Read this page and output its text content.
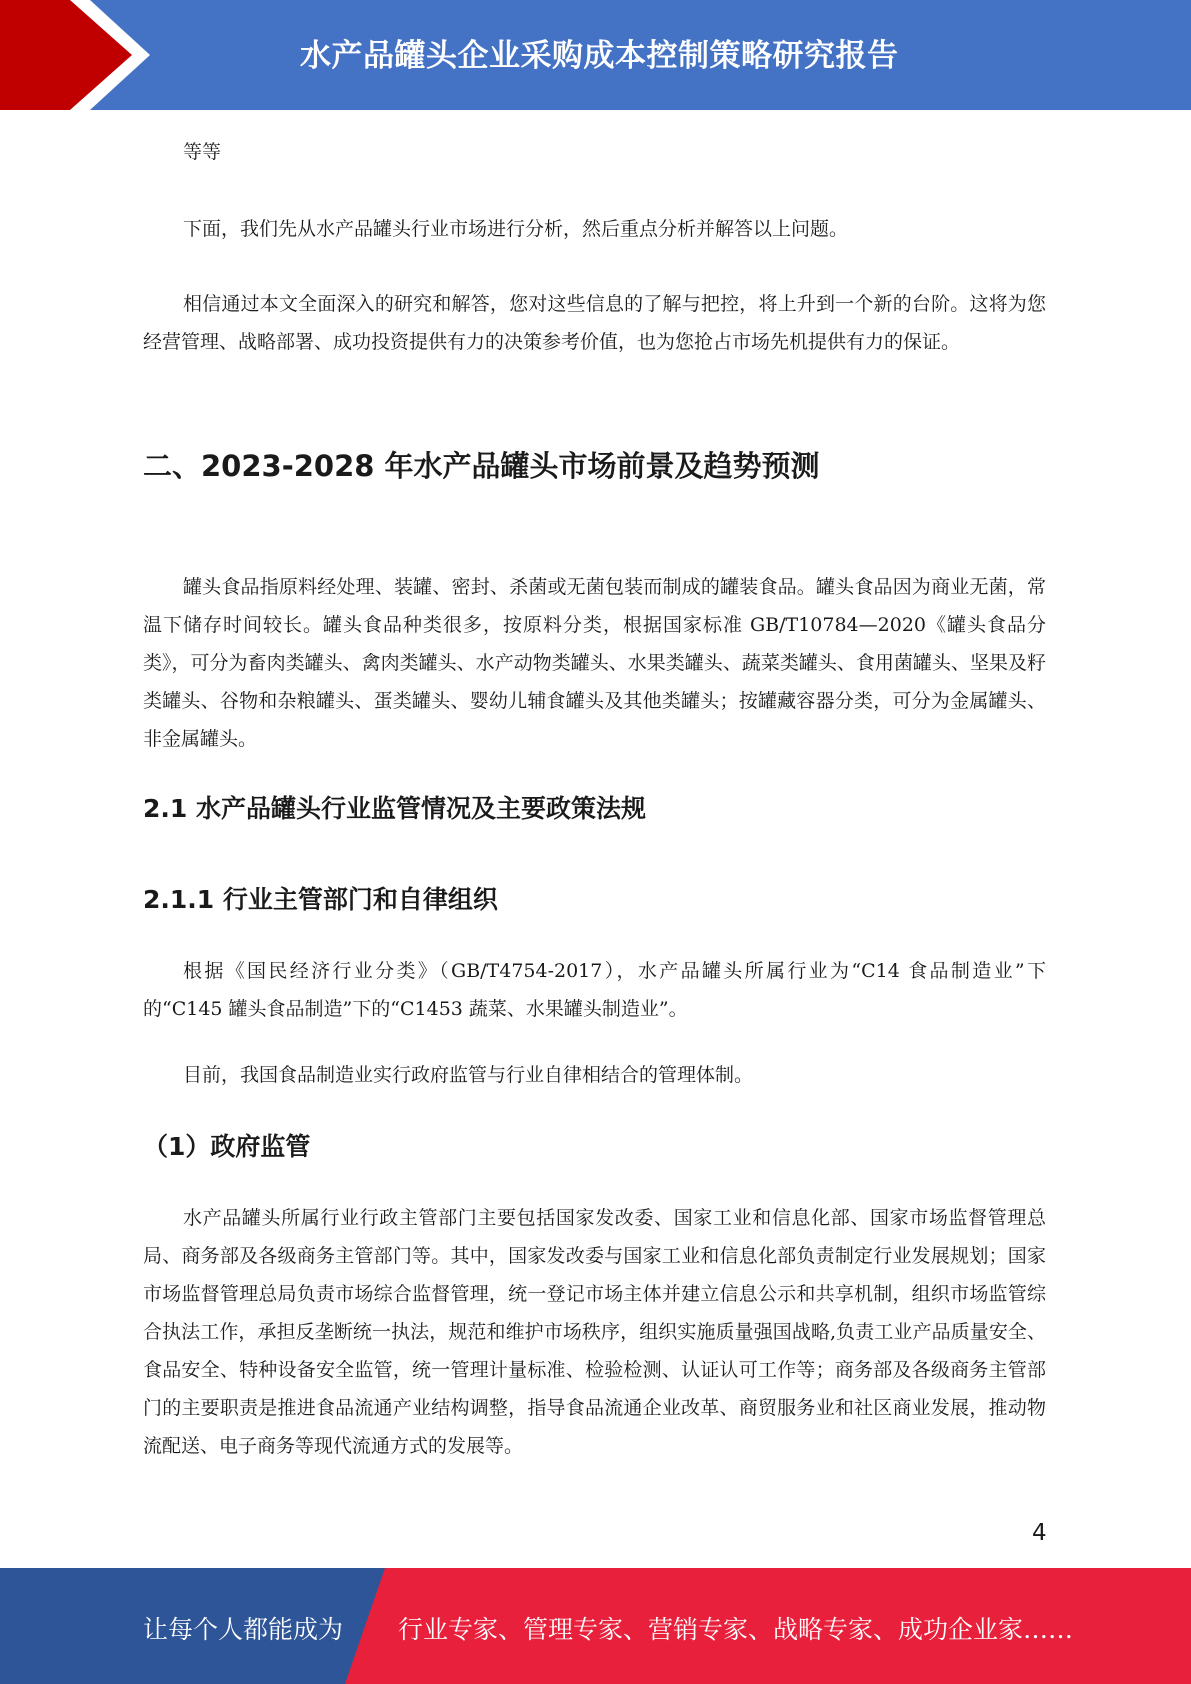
水产品罐头企业采购成本控制策略研究报告

等等

下面，我们先从水产品罐头行业市场进行分析，然后重点分析并解答以上问题。

相信通过本文全面深入的研究和解答，您对这些信息的了解与把控，将上升到一个新的台阶。这将为您经营管理、战略部署、成功投资提供有力的决策参考价值，也为您抢占市场先机提供有力的保证。

二、2023-2028 年水产品罐头市场前景及趋势预测

罐头食品指原料经处理、装罐、密封、杀菌或无菌包装而制成的罐装食品。罐头食品因为商业无菌，常温下储存时间较长。罐头食品种类很多，按原料分类，根据国家标准 GB/T10784—2020《罐头食品分类》，可分为畜肉类罐头、禽肉类罐头、水产动物类罐头、水果类罐头、蔬菜类罐头、食用菌罐头、坚果及籽类罐头、谷物和杂粮罐头、蛋类罐头、婴幼儿辅食罐头及其他类罐头；按罐藏容器分类，可分为金属罐头、非金属罐头。

2.1 水产品罐头行业监管情况及主要政策法规
2.1.1 行业主管部门和自律组织

根据《国民经济行业分类》（GB/T4754-2017），水产品罐头所属行业为“C14 食品制造业”下的“C145 罐头食品制造”下的“C1453 蔬菜、水果罐头制造业”。

目前，我国食品制造业实行政府监管与行业自律相结合的管理体制。

（1）政府监管

水产品罐头所属行业行政主管部门主要包括国家发改委、国家工业和信息化部、国家市场监督管理总局、商务部及各级商务主管部门等。其中，国家发改委与国家工业和信息化部负责制定行业发展规划；国家市场监督管理总局负责市场综合监督管理，统一登记市场主体并建立信息公示和共享机制，组织市场监管综合执法工作，承担反垄断统一执法，规范和维护市场秩序，组织实施质量强国战略,负责工业产品质量安全、食品安全、特种设备安全监管，统一管理计量标准、检验检测、认证认可工作等；商务部及各级商务主管部门的主要职责是推进食品流通产业结构调整，指导食品流通企业改革、商贸服务业和社区商业发展，推动物流配送、电子商务等现代流通方式的发展等。

4
让每个人都能成为 行业专家、管理专家、营销专家、战略专家、成功企业家……
